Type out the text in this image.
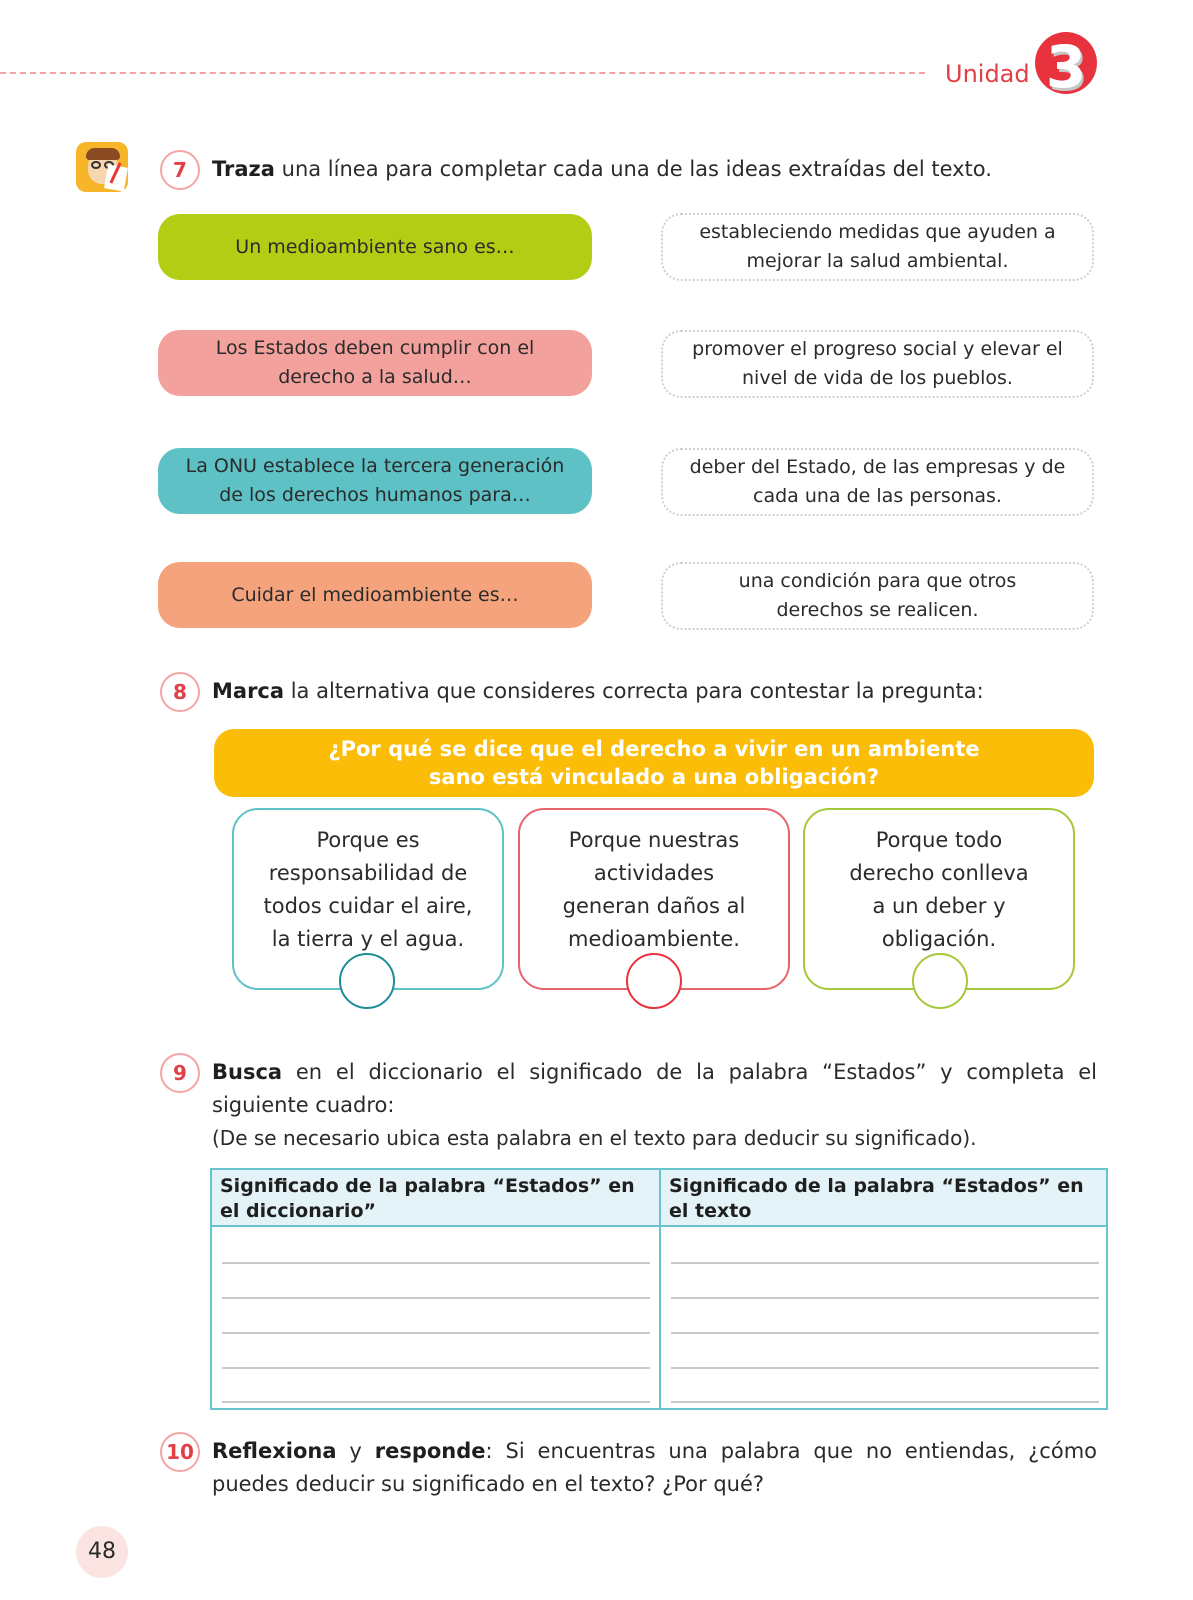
Unidad 3
7	Traza una línea para completar cada una de las ideas extraídas del texto.
Un medioambiente sano es…
Los Estados deben cumplir con el
derecho a la salud…
La ONU establece la tercera generación
de los derechos humanos para…
Cuidar el medioambiente es…
estableciendo medidas que ayuden a
mejorar la salud ambiental.
promover el progreso social y elevar el
nivel de vida de los pueblos.
deber del Estado, de las empresas y de
cada una de las personas.
una condición para que otros
derechos se realicen.
8	Marca la alternativa que consideres correcta para contestar la pregunta:
¿Por qué se dice que el derecho a vivir en un ambiente
sano está vinculado a una obligación?
Porque es
responsabilidad de
todos cuidar el aire,
la tierra y el agua.
Porque nuestras
actividades
generan daños al
medioambiente.
Porque todo
derecho conlleva
a un deber y
obligación.
9	Busca en el diccionario el significado de la palabra “Estados” y completa el
siguiente cuadro:
(De se necesario ubica esta palabra en el texto para deducir su significado).
Significado de la palabra “Estados” en el diccionario”
Significado de la palabra “Estados” en el texto
10 Reflexiona y responde: Si encuentras una palabra que no entiendas, ¿cómo
puedes deducir su significado en el texto? ¿Por qué?
48
